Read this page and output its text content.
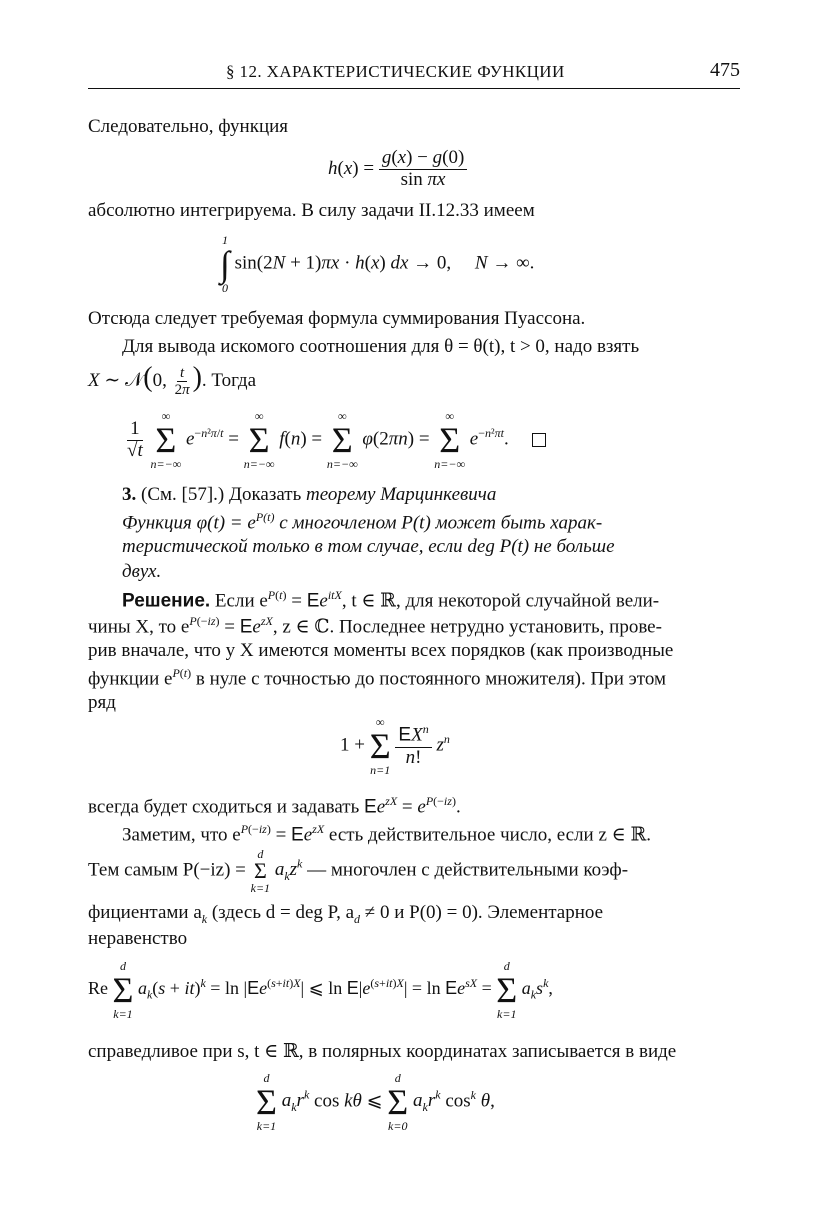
§ 12. ХАРАКТЕРИСТИЧЕСКИЕ ФУНКЦИИ	475
Следовательно, функция
$h(x) = \frac{g(x) - g(0)}{\text{sin πx}}$
абсолютно интегрируема. В силу задачи II.12.33 имеем
1
∫
0
sin(2N + 1)πx · h(x) dx → 0,     N → ∞.
Отсюда следует требуемая формула суммирования Пуассона.
Для вывода искомого соотношения для θ = θ(t), t > 0, надо взять
X ∼ 𝒩(0, $\frac{t}{2\pi}$ ). Тогда
$\frac{1}{√t}$

∞
Σ
n=−∞
$e^{-n^2\pi/t}$ =
∞
Σ
n=−∞
f(n) =
∞
Σ
n=−∞
φ(2πn) =
∞
Σ
n=−∞
$e^{-n^2\pi t}$.
3. (См. [57].) Доказать теорему Марцинкевича
Функция $\varphi(t) = e^{P(t)}$ с многочленом P(t) может быть харак-
теристической только в том случае, если deg P(t) не больше
двух.
Решение. Если $e^{P(t)} = Ee^{itX}$, t ∈ ℝ, для некоторой случайной вели-
чины X, то $e^{P(-iz)} = Ee^{zX}$, z ∈ ℂ. Последнее нетрудно установить, прове-
рив вначале, что у X имеются моменты всех порядков (как производные
функции $e^{P(t)}$ в нуле с точностью до постоянного множителя). При этом
ряд
1 +
∞
Σ
n=1

$EX^n$
n!
$z^n$
всегда будет сходиться и задавать $Ee^{zX} = e^{P(-iz)}$.
Заметим, что $e^{P(-iz)} = Ee^{zX}$ есть действительное число, если z ∈ ℝ.
Тем самым P(−iz) =
d
Σ
k=1
$a_kz^k$ — многочлен с действительными коэф-
фициентами $a_k$ (здесь d = deg P, $a_d \ne 0$ и P(0) = 0). Элементарное
неравенство
Re
d
Σ
k=1
$a_k(s + it)^k = \ln |Ee^{(s+it)X}|$ ⩽ $\ln E|e^{(s+it)X}| = \ln Ee^{sX}$ =
d
Σ
k=1
$a_ks^k$,
справедливое при s, t ∈ ℝ, в полярных координатах записывается в виде
d
Σ
k=1
$a_kr^k$ cos kθ ⩽
d
Σ
k=0
$a_kr^k$ $\cos^k \theta$,
